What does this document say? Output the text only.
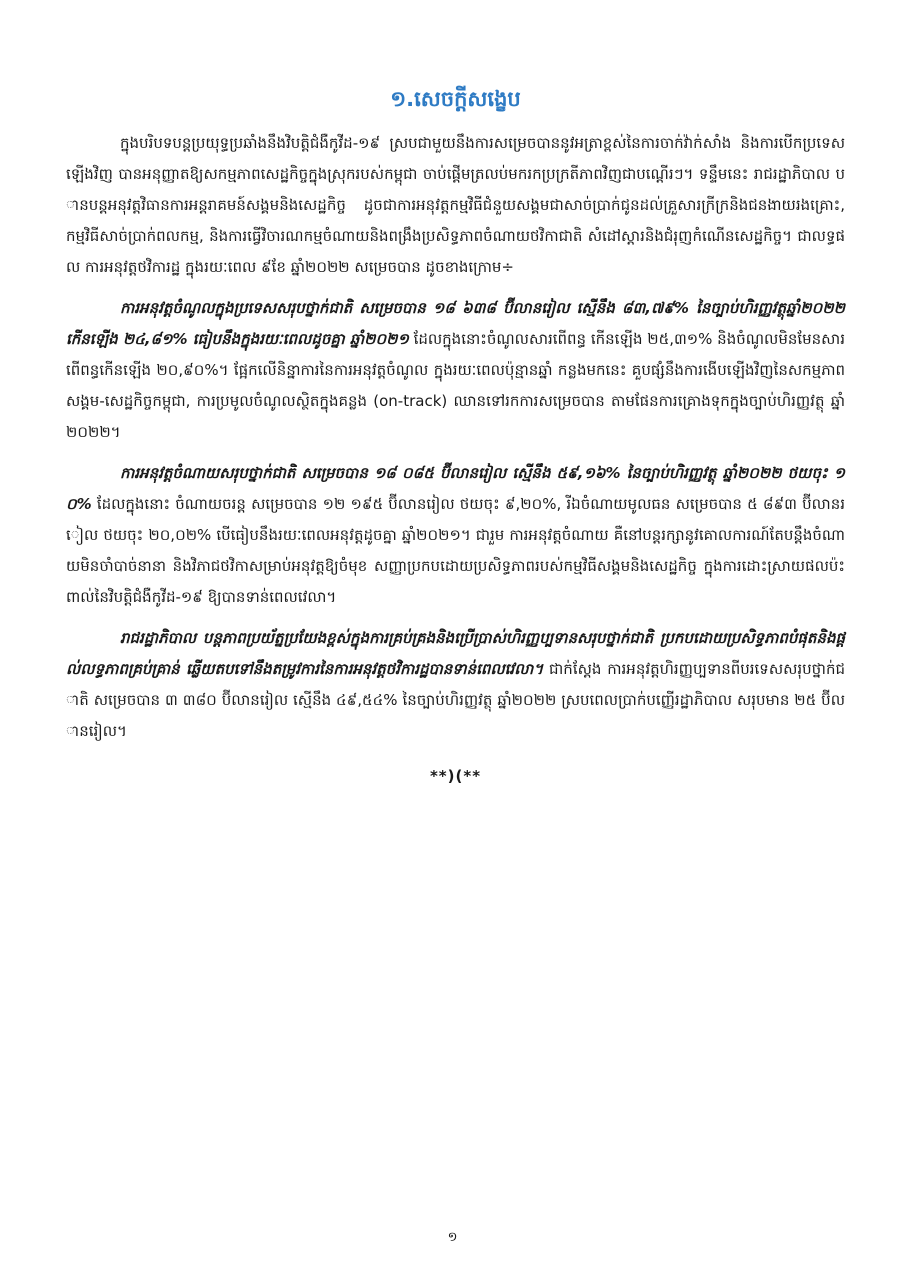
១.សេចក្តីសង្ខេប

ក្នុងបរិបទបន្តប្រយុទ្ធប្រឆាំងនឹងវិបត្តិជំងឺកូវីដ-១៩ ស្របជាមួយនឹងការសម្រេចបាននូវអត្រាខ្ពស់នៃការចាក់វ៉ាក់សាំង និងការបើកប្រទេសឡើងវិញ បានអនុញ្ញាតឱ្យសកម្មភាពសេដ្ឋកិច្ចក្នុងស្រុករបស់កម្ពុជា ចាប់ផ្តើមត្រលប់មករកប្រក្រតីភាពវិញជាបណ្តើរៗ។ ទន្ទឹមនេះ រាជរដ្ឋាភិបាល បានបន្តអនុវត្តវិធានការអន្តរាគមន៍សង្គមនិងសេដ្ឋកិច្ច ដូចជាការអនុវត្តកម្មវិធីជំនួយសង្គមជាសាច់ប្រាក់ជូនដល់គ្រួសារក្រីក្រនិងជនងាយរងគ្រោះ, កម្មវិធីសាច់ប្រាក់ពលកម្ម, និងការធ្វើវិចារណកម្មចំណាយនិងពង្រឹងប្រសិទ្ធភាពចំណាយថវិកាជាតិ សំដៅស្តារនិងជំរុញកំណើនសេដ្ឋកិច្ច។ ជាលទ្ធផល ការអនុវត្តថវិការដ្ឋ ក្នុងរយៈពេល ៩ខែ ឆ្នាំ២០២២ សម្រេចបាន ដូចខាងក្រោម÷

ការអនុវត្តចំណូលក្នុងប្រទេសសរុបថ្នាក់ជាតិ សម្រេចបាន ១៨ ៦៣៨ ប៊ីលានរៀល ស្មើនឹង ៨៣,៧៩% នៃច្បាប់ហិរញ្ញវត្ថុឆ្នាំ២០២២ កើនឡើង ២៤,៨១% ធៀបនឹងក្នុងរយៈពេលដូចគ្នា ឆ្នាំ២០២១ ដែលក្នុងនោះចំណូលសារពើពន្ធ កើនឡើង ២៥,៣១% និងចំណូលមិនមែនសារពើពន្ធកើនឡើង ២០,៩០%។ ផ្អែកលើនិន្នាការនៃការអនុវត្តចំណូល ក្នុងរយៈពេលប៉ុន្មានឆ្នាំ កន្លងមកនេះ គួបផ្សំនឹងការងើបឡើងវិញនៃសកម្មភាពសង្គម-សេដ្ឋកិច្ចកម្ពុជា, ការប្រមូលចំណូលស្ថិតក្នុងគន្លង (on-track) ឈានទៅរកការសម្រេចបាន តាមផែនការគ្រោងទុកក្នុងច្បាប់ហិរញ្ញវត្ថុ ឆ្នាំ២០២២។

ការអនុវត្តចំណាយសរុបថ្នាក់ជាតិ សម្រេចបាន ១៨ ០៨៥ ប៊ីលានរៀល ស្មើនឹង ៥៩,១៦% នៃច្បាប់ហិរញ្ញវត្ថុ ឆ្នាំ២០២២ ថយចុះ ១០% ដែលក្នុងនោះ ចំណាយចរន្ត សម្រេចបាន ១២ ១៩៥ ប៊ីលានរៀល ថយចុះ ៩,២០%, រីឯចំណាយមូលធន សម្រេចបាន ៥ ៨៩៣ ប៊ីលានរៀល ថយចុះ ២០,០២% បើធៀបនឹងរយៈពេលអនុវត្តដូចគ្នា ឆ្នាំ២០២១។ ជារួម ការអនុវត្តចំណាយ គឺនៅបន្តរក្សានូវគោលការណ៍តែបន្តឹងចំណាយមិនចាំបាច់នានា និងវិភាជថវិកាសម្រាប់អនុវត្តឱ្យចំមុខ សញ្ញាប្រកបដោយប្រសិទ្ធភាពរបស់កម្មវិធីសង្គមនិងសេដ្ឋកិច្ច ក្នុងការដោះស្រាយផលប៉ះពាល់នៃវិបត្តិជំងឺកូវីដ-១៩ ឱ្យបានទាន់ពេលវេលា។

រាជរដ្ឋាភិបាល បន្តភាពប្រយ័ត្នប្រយែងខ្ពស់ក្នុងការគ្រប់គ្រងនិងប្រើប្រាស់ហិរញ្ញប្បទានសរុបថ្នាក់ជាតិ ប្រកបដោយប្រសិទ្ធភាពបំផុតនិងផ្តល់លទ្ធភាពគ្រប់គ្រាន់ ឆ្លើយតបទៅនឹងតម្រូវការនៃការអនុវត្តថវិការដ្ឋបានទាន់ពេលវេលា។ ជាក់ស្តែង ការអនុវត្តហិរញ្ញប្បទានពីបរទេសសរុបថ្នាក់ជាតិ សម្រេចបាន ៣ ៣៨០ ប៊ីលានរៀល ស្មើនឹង ៤៩,៥៤% នៃច្បាប់ហិរញ្ញវត្ថុ ឆ្នាំ២០២២ ស្របពេលប្រាក់បញ្ញើរដ្ឋាភិបាល សរុបមាន ២៥ ប៊ីលានរៀល។

**)(**
១
